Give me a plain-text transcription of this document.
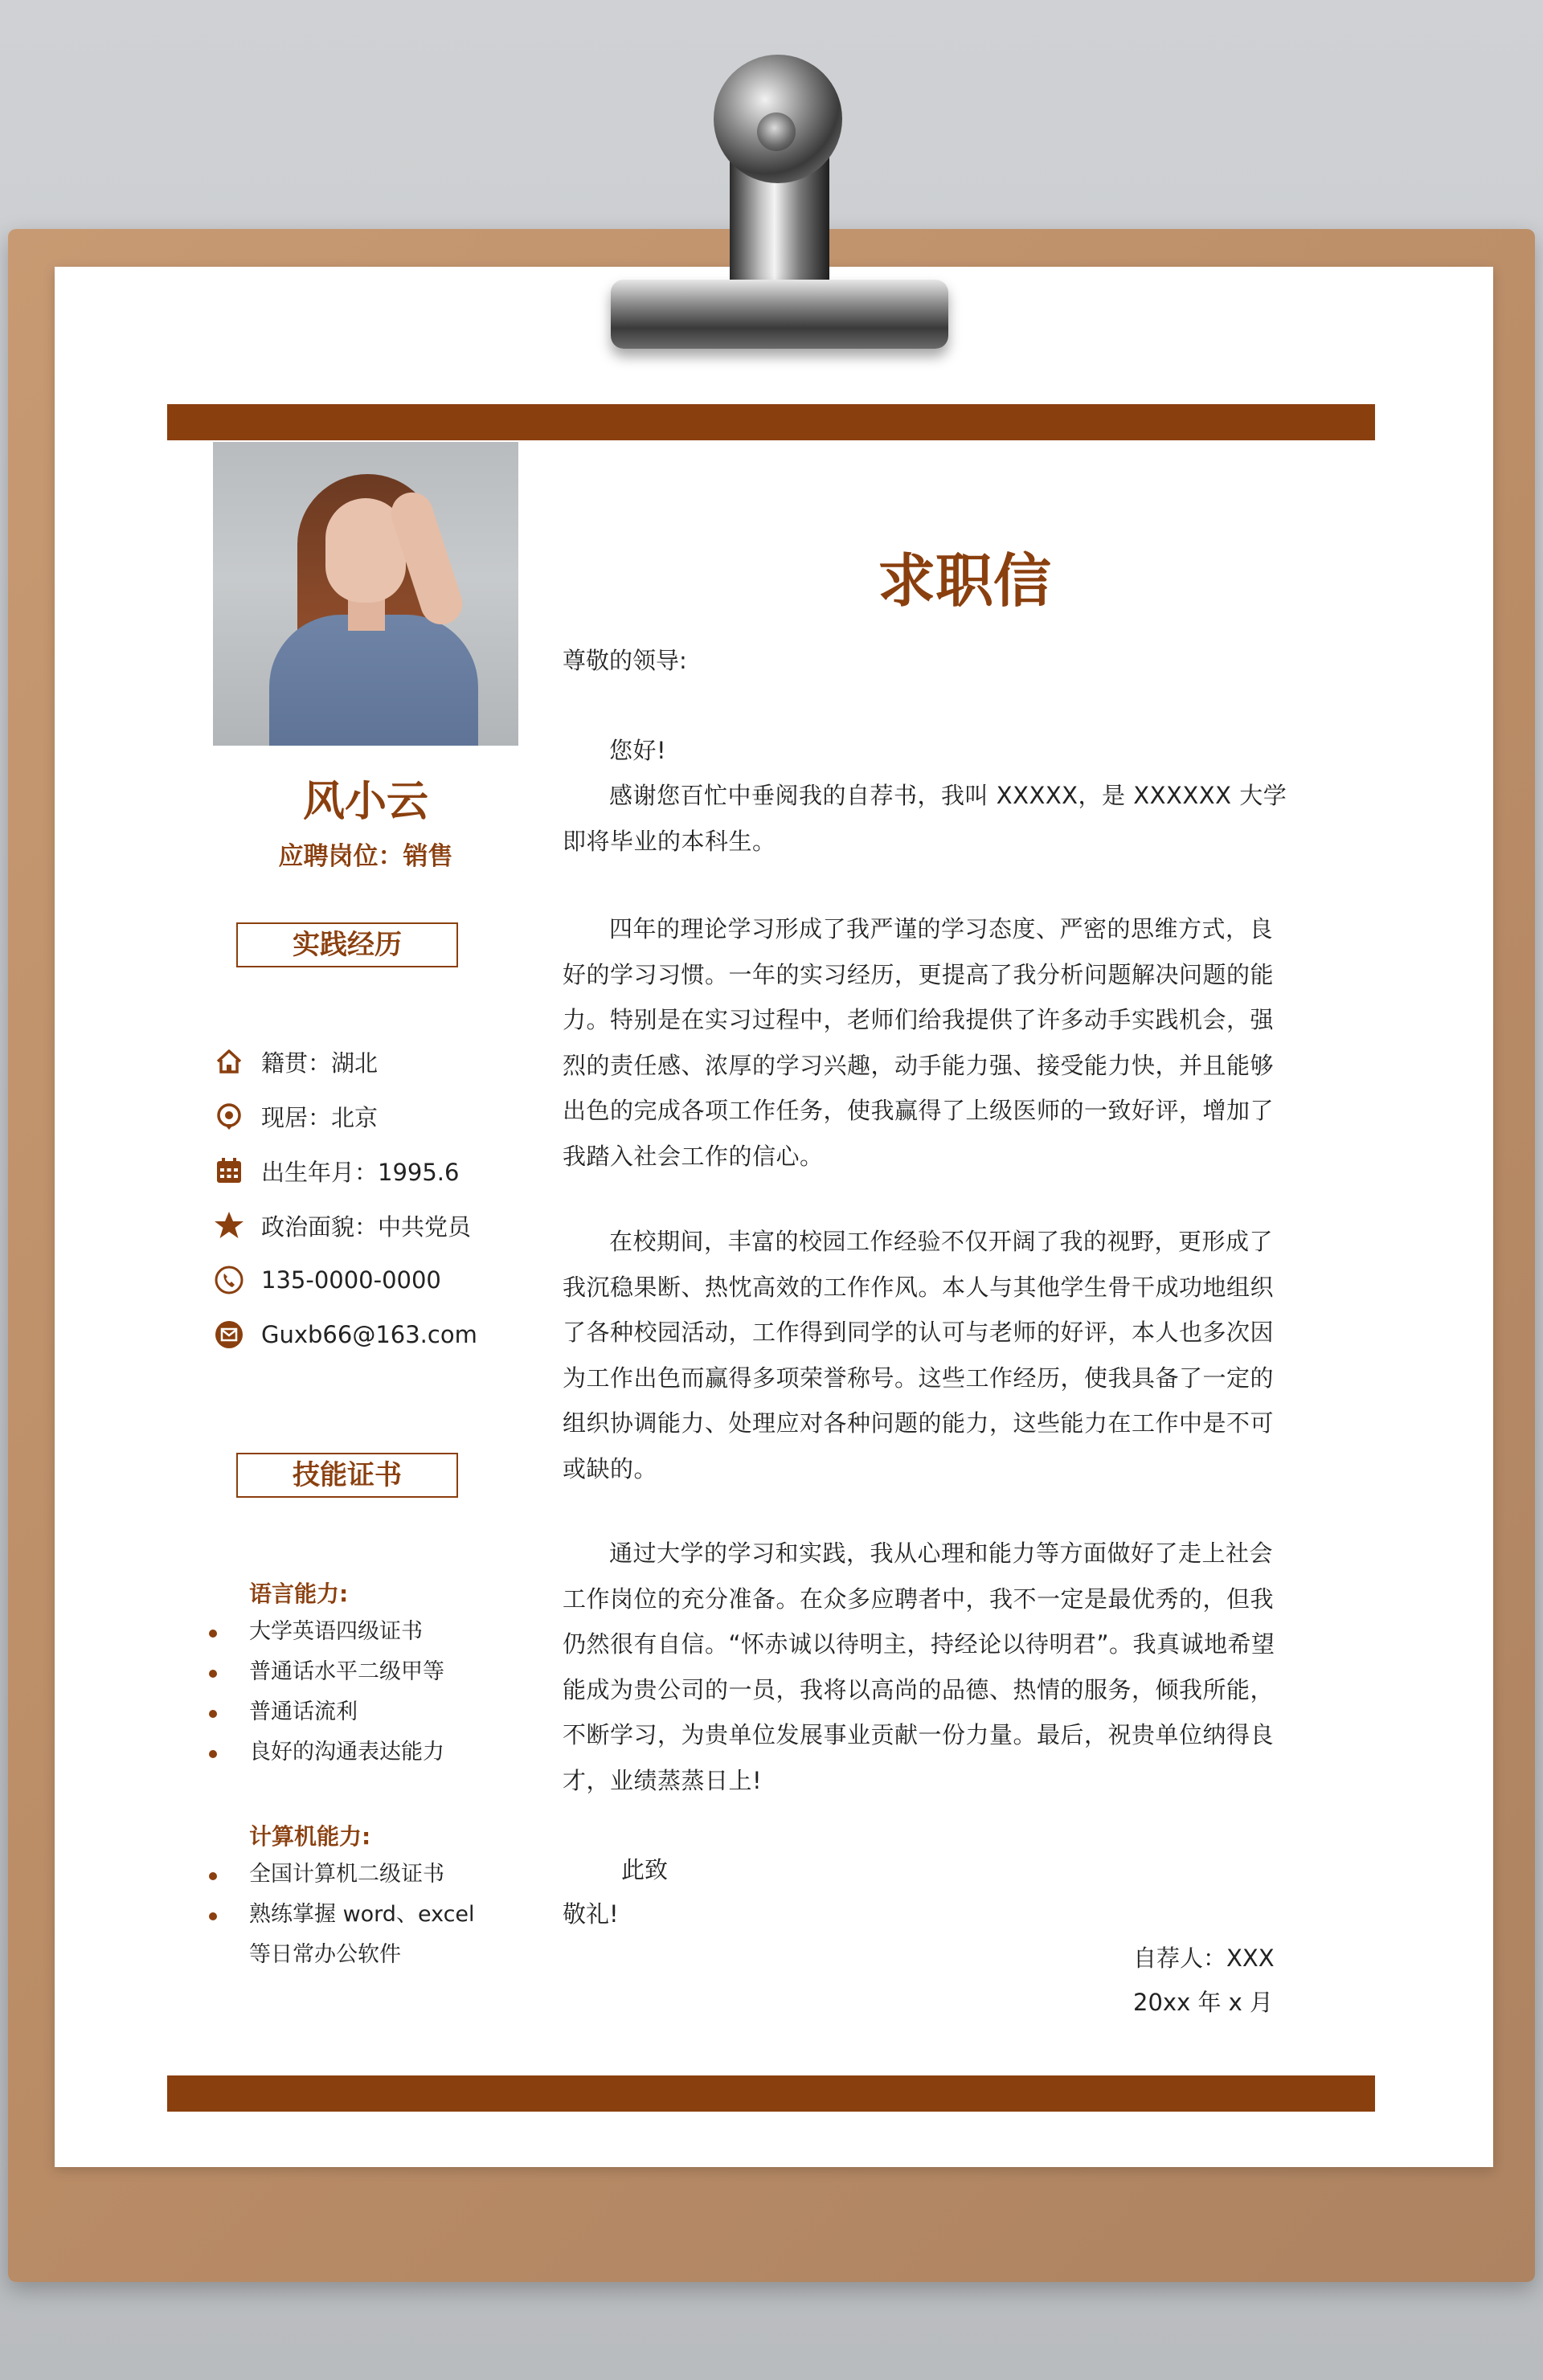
风小云
应聘岗位：销售
实践经历
籍贯：湖北
现居：北京
出生年月：1995.6
政治面貌：中共党员
135-0000-0000
Guxb66@163.com
技能证书
语言能力:
大学英语四级证书
普通话水平二级甲等
普通话流利
良好的沟通表达能力
计算机能力:
全国计算机二级证书
熟练掌握 word、excel 等日常办公软件
求职信
尊敬的领导:

您好!

感谢您百忙中垂阅我的自荐书，我叫 XXXXX，是 XXXXXX 大学即将毕业的本科生。

四年的理论学习形成了我严谨的学习态度、严密的思维方式，良好的学习习惯。一年的实习经历，更提高了我分析问题解决问题的能力。特别是在实习过程中，老师们给我提供了许多动手实践机会，强烈的责任感、浓厚的学习兴趣，动手能力强、接受能力快，并且能够出色的完成各项工作任务，使我赢得了上级医师的一致好评，增加了我踏入社会工作的信心。

在校期间，丰富的校园工作经验不仅开阔了我的视野，更形成了我沉稳果断、热忱高效的工作作风。本人与其他学生骨干成功地组织了各种校园活动，工作得到同学的认可与老师的好评，本人也多次因为工作出色而赢得多项荣誉称号。这些工作经历，使我具备了一定的组织协调能力、处理应对各种问题的能力，这些能力在工作中是不可或缺的。

通过大学的学习和实践，我从心理和能力等方面做好了走上社会工作岗位的充分准备。在众多应聘者中，我不一定是最优秀的，但我仍然很有自信。“怀赤诚以待明主，持经论以待明君”。我真诚地希望能成为贵公司的一员，我将以高尚的品德、热情的服务，倾我所能，不断学习，为贵单位发展事业贡献一份力量。最后，祝贵单位纳得良才，业绩蒸蒸日上!

此致
敬礼!
自荐人：XXX
20xx 年 x 月
